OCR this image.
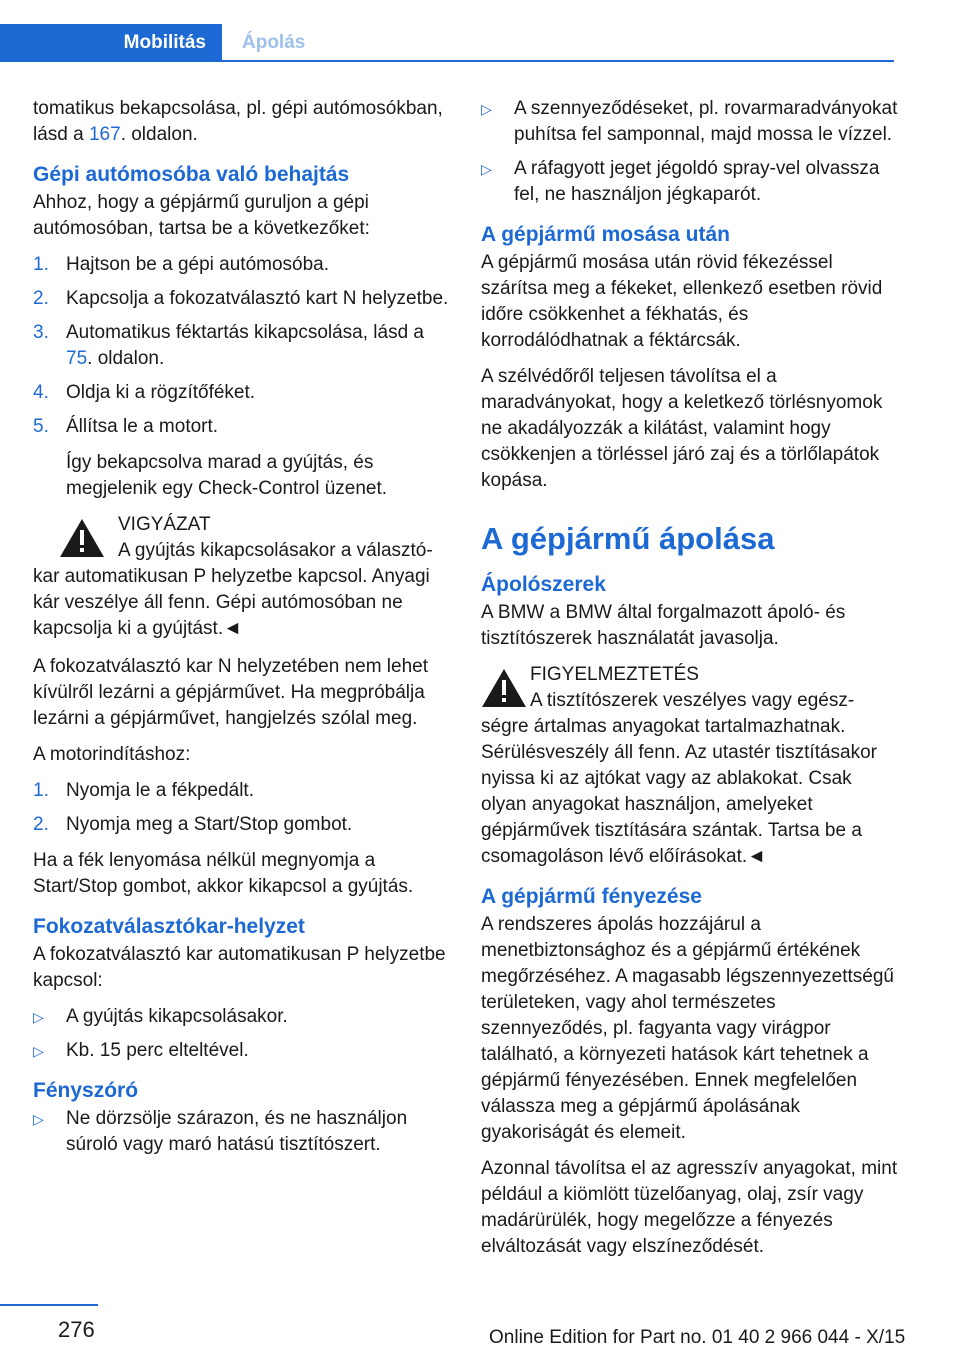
Mobilitás Ápolás

tomatikus bekapcsolása, pl. gépi autómosókban, lásd a 167. oldalon.

Gépi autómosóba való behajtás

Ahhoz, hogy a gépjármű guruljon a gépi autómosóban, tartsa be a következőket:

1. Hajtson be a gépi autómosóba.
2. Kapcsolja a fokozatválasztó kart N helyzetbe.
3. Automatikus féktartás kikapcsolása, lásd a 75. oldalon.
4. Oldja ki a rögzítőféket.
5. Állítsa le a motort.

Így bekapcsolva marad a gyújtás, és megjelenik egy Check-Control üzenet.

VIGYÁZAT
A gyújtás kikapcsolásakor a választó-
kar automatikusan P helyzetbe kapcsol. Anyagi kár veszélye áll fenn. Gépi autómosóban ne kapcsolja ki a gyújtást.◄

A fokozatválasztó kar N helyzetében nem lehet kívülről lezárni a gépjárművet. Ha megpróbálja lezárni a gépjárművet, hangjelzés szólal meg.

A motorindításhoz:

1. Nyomja le a fékpedált.
2. Nyomja meg a Start/Stop gombot.

Ha a fék lenyomása nélkül megnyomja a Start/Stop gombot, akkor kikapcsol a gyújtás.

Fokozatválasztókar-helyzet

A fokozatválasztó kar automatikusan P helyzetbe kapcsol:

▷	A gyújtás kikapcsolásakor.
▷	Kb. 15 perc elteltével.
Fényszóró
▷	Ne dörzsölje szárazon, és ne használjon súroló vagy maró hatású tisztítószert.
▷	A szennyeződéseket, pl. rovarmaradványokat puhítsa fel samponnal, majd mossa le vízzel.
▷	A ráfagyott jeget jégoldó spray-vel olvassza fel, ne használjon jégkaparót.
A gépjármű mosása után

A gépjármű mosása után rövid fékezéssel szárítsa meg a fékeket, ellenkező esetben rövid időre csökkenhet a fékhatás, és korrodálódhatnak a féktárcsák.

A szélvédőről teljesen távolítsa el a maradványokat, hogy a keletkező törlésnyomok ne akadályozzák a kilátást, valamint hogy csökkenjen a törléssel járó zaj és a törlőlapátok kopása.

A gépjármű ápolása
Ápolószerek

A BMW a BMW által forgalmazott ápoló- és tisztítószerek használatát javasolja.

FIGYELMEZTETÉS
A tisztítószerek veszélyes vagy egész-
ségre ártalmas anyagokat tartalmazhatnak. Sérülésveszély áll fenn. Az utastér tisztításakor nyissa ki az ajtókat vagy az ablakokat. Csak olyan anyagokat használjon, amelyeket gépjárművek tisztítására szántak. Tartsa be a csomagoláson lévő előírásokat.◄
A gépjármű fényezése

A rendszeres ápolás hozzájárul a menetbiztonsághoz és a gépjármű értékének megőrzéséhez. A magasabb légszennyezettségű területeken, vagy ahol természetes szennyeződés, pl. fagyanta vagy virágpor található, a környezeti hatások kárt tehetnek a gépjármű fényezésében. Ennek megfelelően válassza meg a gépjármű ápolásának gyakoriságát és elemeit.

Azonnal távolítsa el az agresszív anyagokat, mint például a kiömlött tüzelőanyag, olaj, zsír vagy madárürülék, hogy megelőzze a fényezés elváltozását vagy elszíneződését.

276	Online Edition for Part no. 01 40 2 966 044 - X/15
